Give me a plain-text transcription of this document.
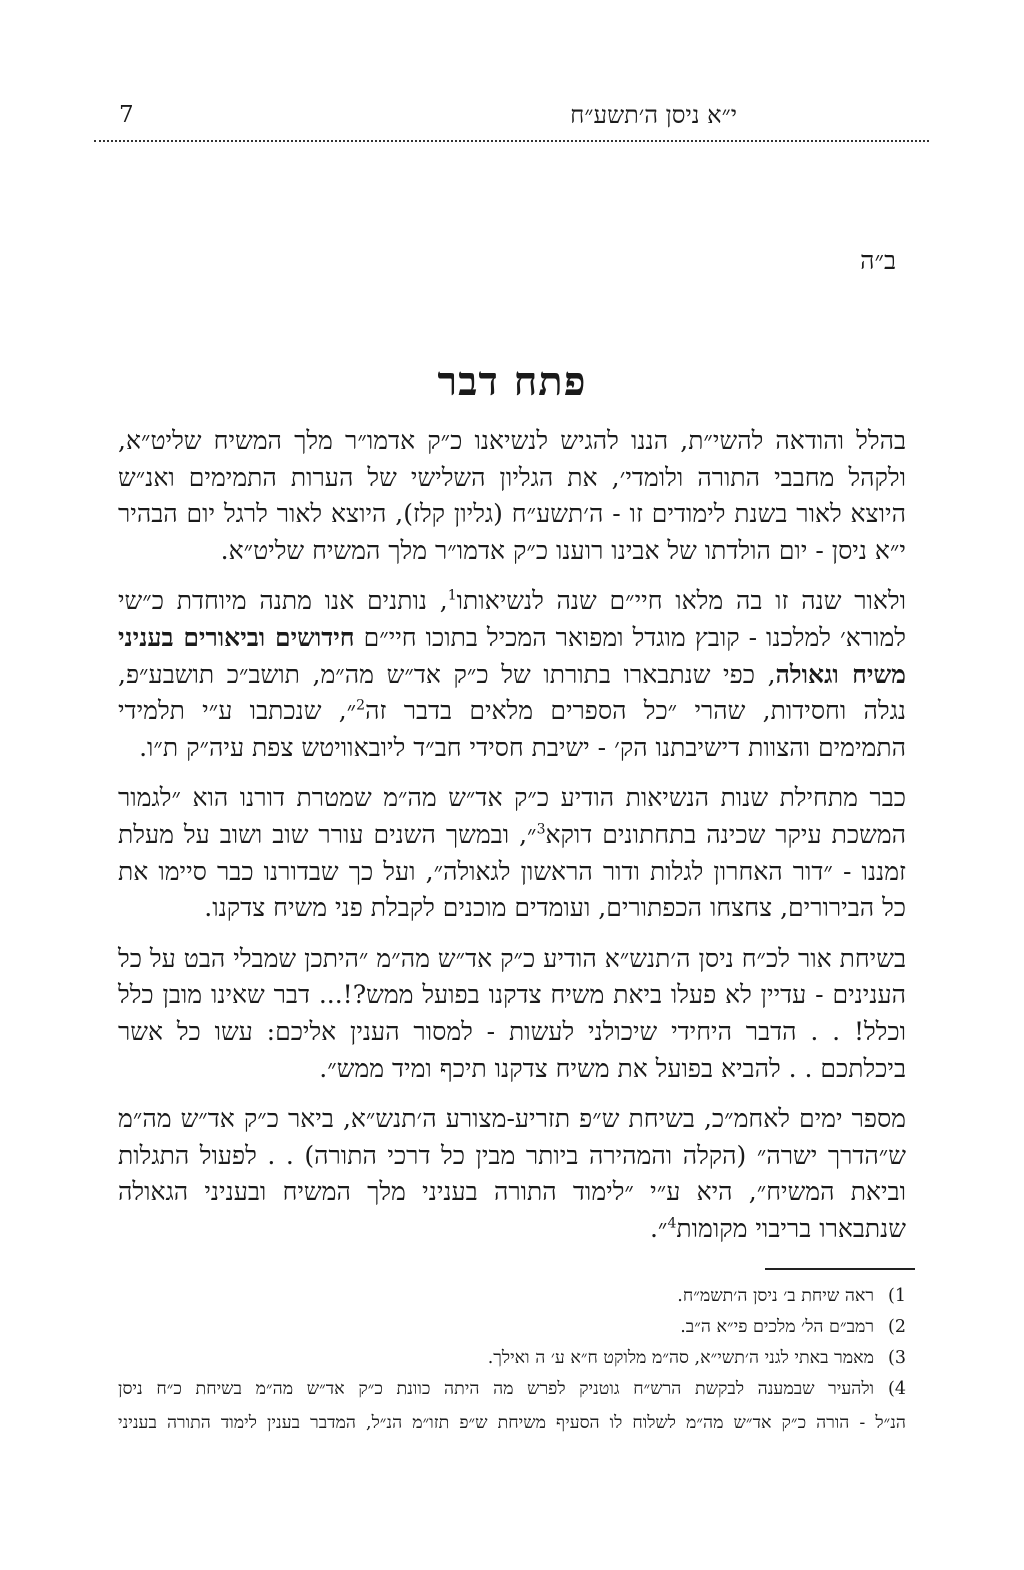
7	י״א ניסן ה׳תשע״ח
ב״ה
פתח דבר

בהלל והודאה להשי״ת, הננו להגיש לנשיאנו כ״ק אדמו״ר מלך המשיח שליט״א, ולקהל מחבבי התורה ולומדי׳, את הגליון השלישי של הערות התמימים ואנ״ש היוצא לאור בשנת לימודים זו - ה׳תשע״ח (גליון קלז), היוצא לאור לרגל יום הבהיר י״א ניסן - יום הולדתו של אבינו רוענו כ״ק אדמו״ר מלך המשיח שליט״א.

ולאור שנה זו בה מלאו חיי״ם שנה לנשיאותו$^1$, נותנים אנו מתנה מיוחדת כ״שי למורא׳ למלכנו - קובץ מוגדל ומפואר המכיל בתוכו חיי״ם חידושים וביאורים בעניני משיח וגאולה, כפי שנתבארו בתורתו של כ״ק אד״ש מה״מ, תושב״כ תושבע״פ, נגלה וחסידות, שהרי ״כל הספרים מלאים בדבר זה$^2$״, שנכתבו ע״י תלמידי התמימים והצוות דישיבתנו הק׳ - ישיבת חסידי חב״ד ליובאוויטש צפת עיה״ק ת״ו.

כבר מתחילת שנות הנשיאות הודיע כ״ק אד״ש מה״מ שמטרת דורנו הוא ״לגמור המשכת עיקר שכינה בתחתונים דוקא$^3$״, ובמשך השנים עורר שוב ושוב על מעלת זמננו - ״דור האחרון לגלות ודור הראשון לגאולה״, ועל כך שבדורנו כבר סיימו את כל הבירורים, צחצחו הכפתורים, ועומדים מוכנים לקבלת פני משיח צדקנו.

בשיחת אור לכ״ח ניסן ה׳תנש״א הודיע כ״ק אד״ש מה״מ ״היתכן שמבלי הבט על כל הענינים - עדיין לא פעלו ביאת משיח צדקנו בפועל ממש?!... דבר שאינו מובן כלל וכלל! . . הדבר היחידי שיכולני לעשות - למסור הענין אליכם: עשו כל אשר ביכלתכם . . להביא בפועל את משיח צדקנו תיכף ומיד ממש״.

מספר ימים לאחמ״כ, בשיחת ש״פ תזריע-מצורע ה׳תנש״א, ביאר כ״ק אד״ש מה״מ ש״הדרך ישרה״ (הקלה והמהירה ביותר מבין כל דרכי התורה) . . לפעול התגלות וביאת המשיח״, היא ע״י ״לימוד התורה בעניני מלך המשיח ובעניני הגאולה שנתבארו בריבוי מקומות$^4$״.

1)
ראה שיחת ב׳ ניסן ה׳תשמ״ח.
2)
רמב״ם הל׳ מלכים פי״א ה״ב.
3)
מאמר באתי לגני ה׳תשי״א, סה״מ מלוקט ח״א ע׳ ה ואילך.
4)
ולהעיר שבמענה לבקשת הרש״ח גוטניק לפרש מה היתה כוונת כ״ק אד״ש מה״מ בשיחת כ״ח ניסן
הנ״ל - הורה כ״ק אד״ש מה״מ לשלוח לו הסעיף משיחת ש״פ תזו״מ הנ״ל, המדבר בענין לימוד התורה בעניני
